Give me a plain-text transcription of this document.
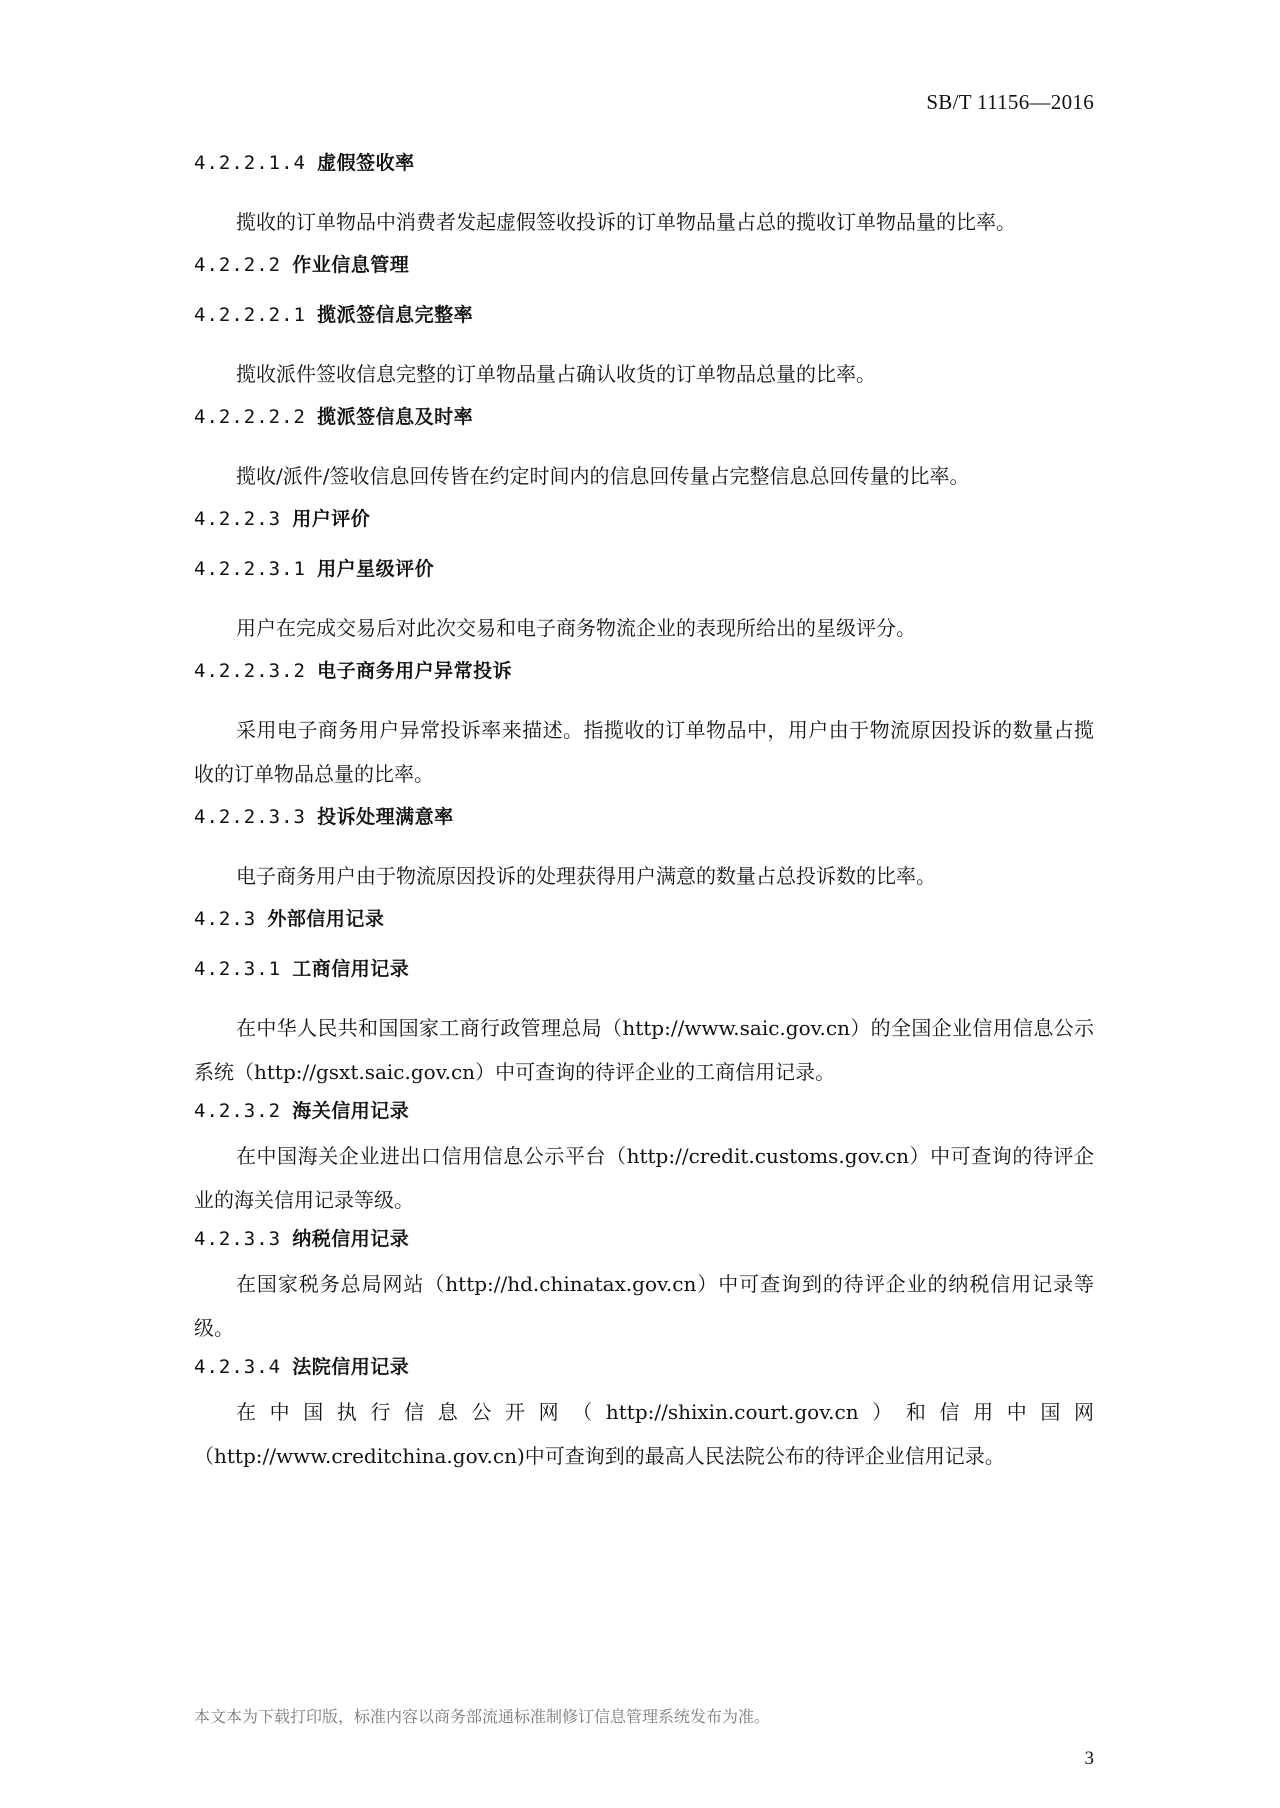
SB/T 11156—2016
4.2.2.1.4 虚假签收率

揽收的订单物品中消费者发起虚假签收投诉的订单物品量占总的揽收订单物品量的比率。

4.2.2.2 作业信息管理
4.2.2.2.1 揽派签信息完整率

揽收派件签收信息完整的订单物品量占确认收货的订单物品总量的比率。

4.2.2.2.2 揽派签信息及时率

揽收/派件/签收信息回传皆在约定时间内的信息回传量占完整信息总回传量的比率。

4.2.2.3 用户评价
4.2.2.3.1 用户星级评价

用户在完成交易后对此次交易和电子商务物流企业的表现所给出的星级评分。

4.2.2.3.2 电子商务用户异常投诉

采用电子商务用户异常投诉率来描述。指揽收的订单物品中，用户由于物流原因投诉的数量占揽收的订单物品总量的比率。

4.2.2.3.3 投诉处理满意率

电子商务用户由于物流原因投诉的处理获得用户满意的数量占总投诉数的比率。

4.2.3 外部信用记录
4.2.3.1 工商信用记录

在中华人民共和国国家工商行政管理总局（http://www.saic.gov.cn）的全国企业信用信息公示系统（http://gsxt.saic.gov.cn）中可查询的待评企业的工商信用记录。

4.2.3.2 海关信用记录

在中国海关企业进出口信用信息公示平台（http://credit.customs.gov.cn）中可查询的待评企业的海关信用记录等级。

4.2.3.3 纳税信用记录

在国家税务总局网站（http://hd.chinatax.gov.cn）中可查询到的待评企业的纳税信用记录等级。

4.2.3.4 法院信用记录
在 中 国 执 行 信 息 公 开 网 （ http://shixin.court.gov.cn ） 和 信 用 中 国 网

（http://www.creditchina.gov.cn)中可查询到的最高人民法院公布的待评企业信用记录。

本文本为下载打印版，标准内容以商务部流通标准制修订信息管理系统发布为准。
3
